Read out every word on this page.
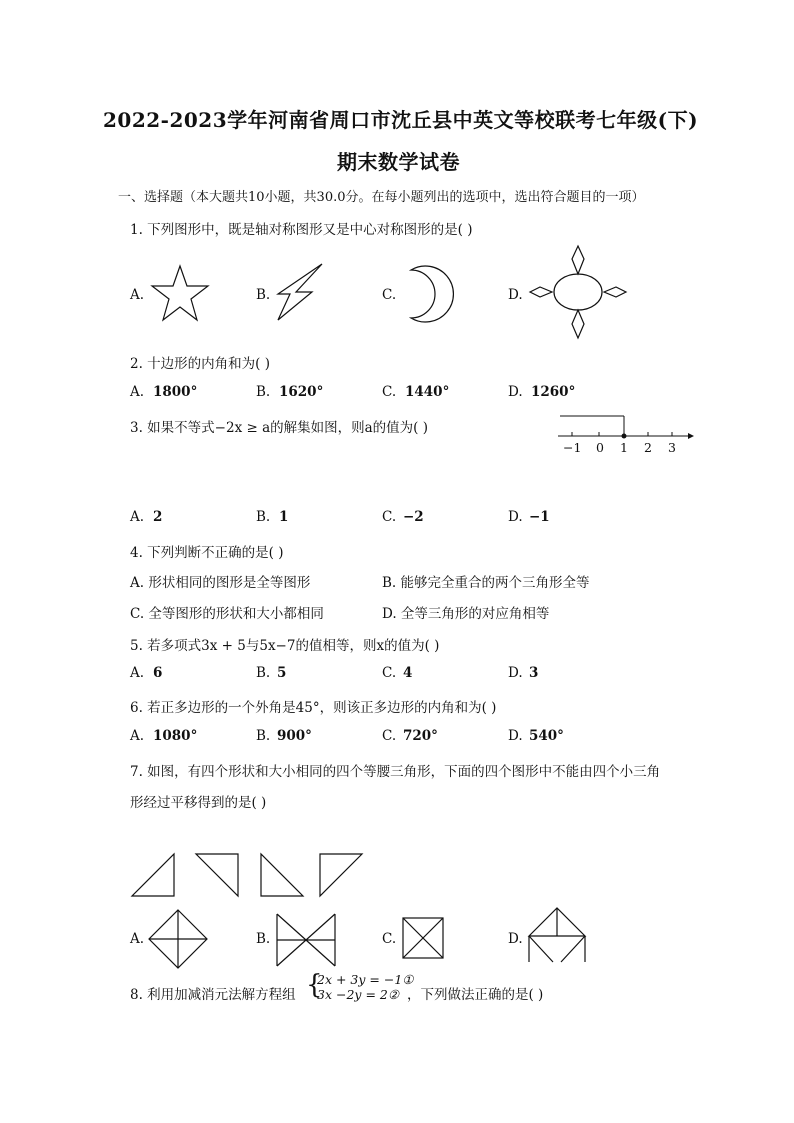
2022-2023学年河南省周口市沈丘县中英文等校联考七年级(下)
期末数学试卷
一、选择题（本大题共10小题，共30.0分。在每小题列出的选项中，选出符合题目的一项）
1. 下列图形中，既是轴对称图形又是中心对称图形的是( )
A.	B.	C.	D.
2. 十边形的内角和为( )
A. 1800°	B. 1620°	C. 1440°	D. 1260°
3. 如果不等式−2x ≥ a的解集如图，则a的值为( )
−1 0 1 2 3
A. 2	B. 1	C. −2	D. −1
4. 下列判断不正确的是( )
A. 形状相同的图形是全等图形	B. 能够完全重合的两个三角形全等
C. 全等图形的形状和大小都相同	D. 全等三角形的对应角相等
5. 若多项式3x + 5与5x−7的值相等，则x的值为( )
A. 6	B. 5	C. 4	D. 3
6. 若正多边形的一个外角是45°，则该正多边形的内角和为( )
A. 1080°	B. 900°	C. 720°	D. 540°
7. 如图，有四个形状和大小相同的四个等腰三角形，下面的四个图形中不能由四个小三角
形经过平移得到的是( )
A.	B.	C.	D.
8. 利用加减消元法解方程组 {
2x + 3y = −1①
3x −2y = 2② ，下列做法正确的是( )
